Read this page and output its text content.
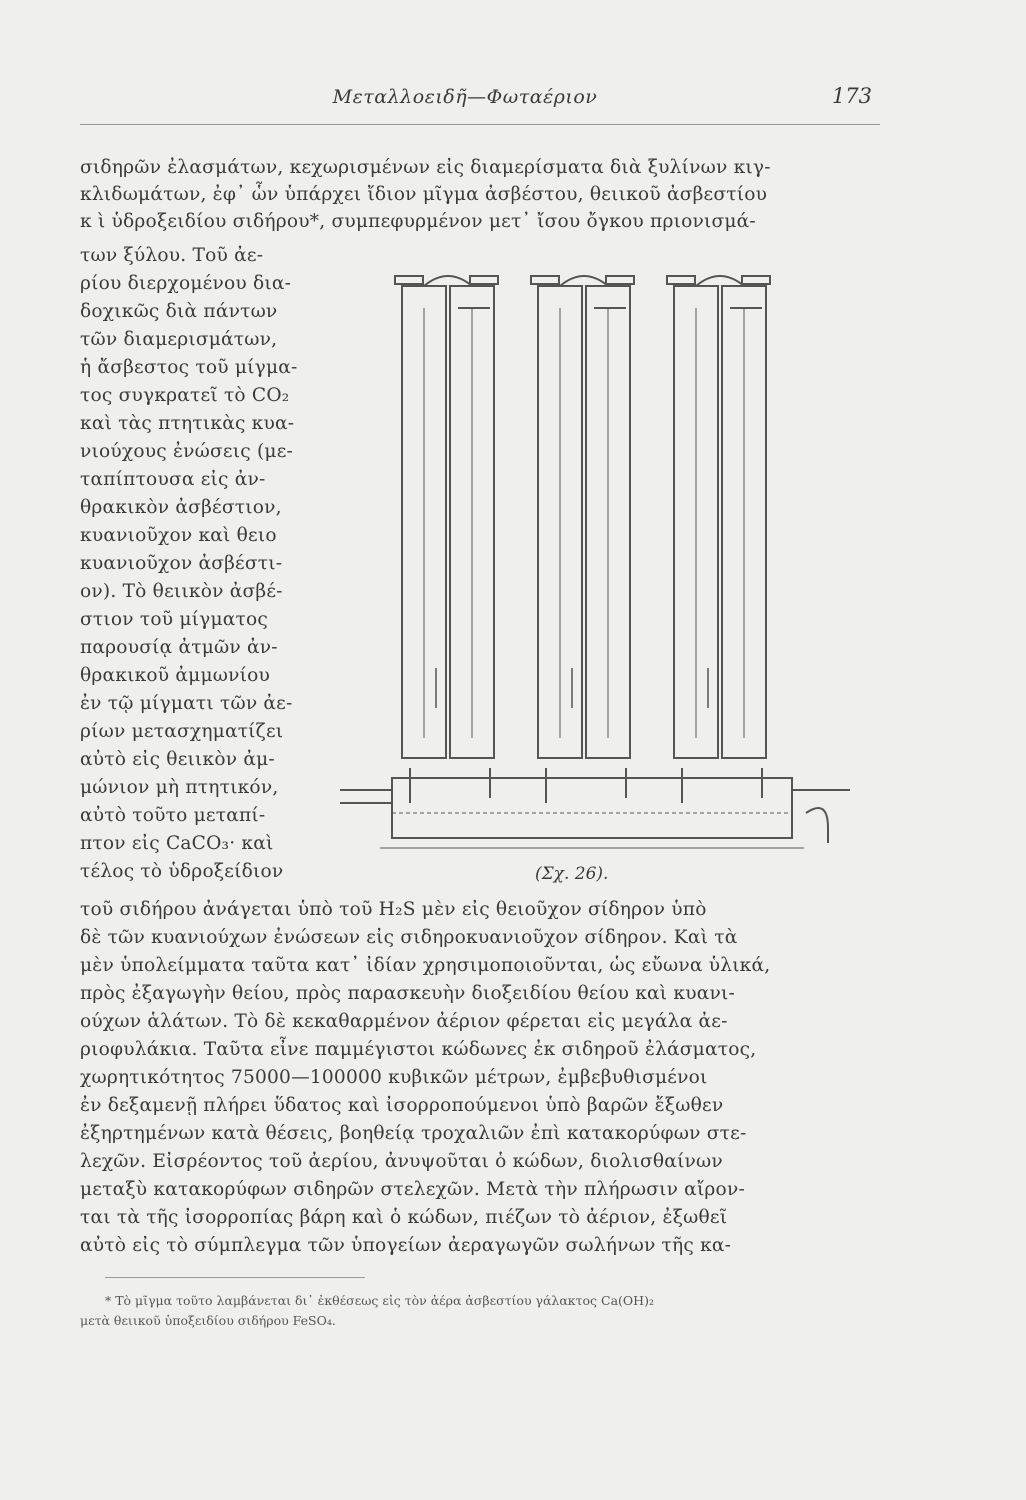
Μεταλλοειδῆ—Φωταέριον	173
σιδηρῶν ἐλασμάτων, κεχωρισμένων εἰς διαμερίσματα διὰ ξυλίνων κιγ-
κλιδωμάτων, ἐφ᾽ ὧν ὑπάρχει ἴδιον μῖγμα ἀσβέστου, θειικοῦ ἀσβεστίου
κ ὶ ὑδροξειδίου σιδήρου*, συμπεφυρμένον μετ᾽ ἴσου ὄγκου πριονισμά-
των ξύλου. Τοῦ ἀε-
ρίου διερχομένου δια-
δοχικῶς διὰ πάντων
τῶν διαμερισμάτων,
ἡ ἄσβεστος τοῦ μίγμα-
τος συγκρατεῖ τὸ CO₂
καὶ τὰς πτητικὰς κυα-
νιούχους ἐνώσεις (με-
ταπίπτουσα εἰς ἀν-
θρακικὸν ἀσβέστιον,
κυανιοῦχον καὶ θειο
κυανιοῦχον ἀσβέστι-
ον). Τὸ θειικὸν ἀσβέ-
στιον τοῦ μίγματος
παρουσίᾳ ἀτμῶν ἀν-
θρακικοῦ ἀμμωνίου
ἐν τῷ μίγματι τῶν ἀε-
ρίων μετασχηματίζει
αὐτὸ εἰς θειικὸν ἀμ-
μώνιον μὴ πτητικόν,
αὐτὸ τοῦτο μεταπί-
πτον εἰς CaCO₃· καὶ
τέλος τὸ ὑδροξείδιον	(Σχ. 26).
τοῦ σιδήρου ἀνάγεται ὑπὸ τοῦ H₂S μὲν εἰς θειοῦχον σίδηρον ὑπὸ
δὲ τῶν κυανιούχων ἐνώσεων εἰς σιδηροκυανιοῦχον σίδηρον. Καὶ τὰ
μὲν ὑπολείμματα ταῦτα κατ᾽ ἰδίαν χρησιμοποιοῦνται, ὡς εὔωνα ὑλικά,
πρὸς ἐξαγωγὴν θείου, πρὸς παρασκευὴν διοξειδίου θείου καὶ κυανι-
ούχων ἁλάτων. Τὸ δὲ κεκαθαρμένον ἀέριον φέρεται εἰς μεγάλα ἀε-
ριοφυλάκια. Ταῦτα εἶνε παμμέγιστοι κώδωνες ἐκ σιδηροῦ ἐλάσματος,
χωρητικότητος 75000—100000 κυβικῶν μέτρων, ἐμβεβυθισμένοι
ἐν δεξαμενῇ πλήρει ὕδατος καὶ ἰσορροπούμενοι ὑπὸ βαρῶν ἔξωθεν
ἐξηρτημένων κατὰ θέσεις, βοηθείᾳ τροχαλιῶν ἐπὶ κατακορύφων στε-
λεχῶν. Εἰσρέοντος τοῦ ἀερίου, ἀνυψοῦται ὁ κώδων, διολισθαίνων
μεταξὺ κατακορύφων σιδηρῶν στελεχῶν. Μετὰ τὴν πλήρωσιν αἴρον-
ται τὰ τῆς ἰσορροπίας βάρη καὶ ὁ κώδων, πιέζων τὸ ἀέριον, ἐξωθεῖ
αὐτὸ εἰς τὸ σύμπλεγμα τῶν ὑπογείων ἀεραγωγῶν σωλήνων τῆς κα-
* Τὸ μῖγμα τοῦτο λαμβάνεται δι᾽ ἐκθέσεως εἰς τὸν ἀέρα ἀσβεστίου γάλακτος Ca(OH)₂
μετὰ θειικοῦ ὑποξειδίου σιδήρου FeSO₄.
